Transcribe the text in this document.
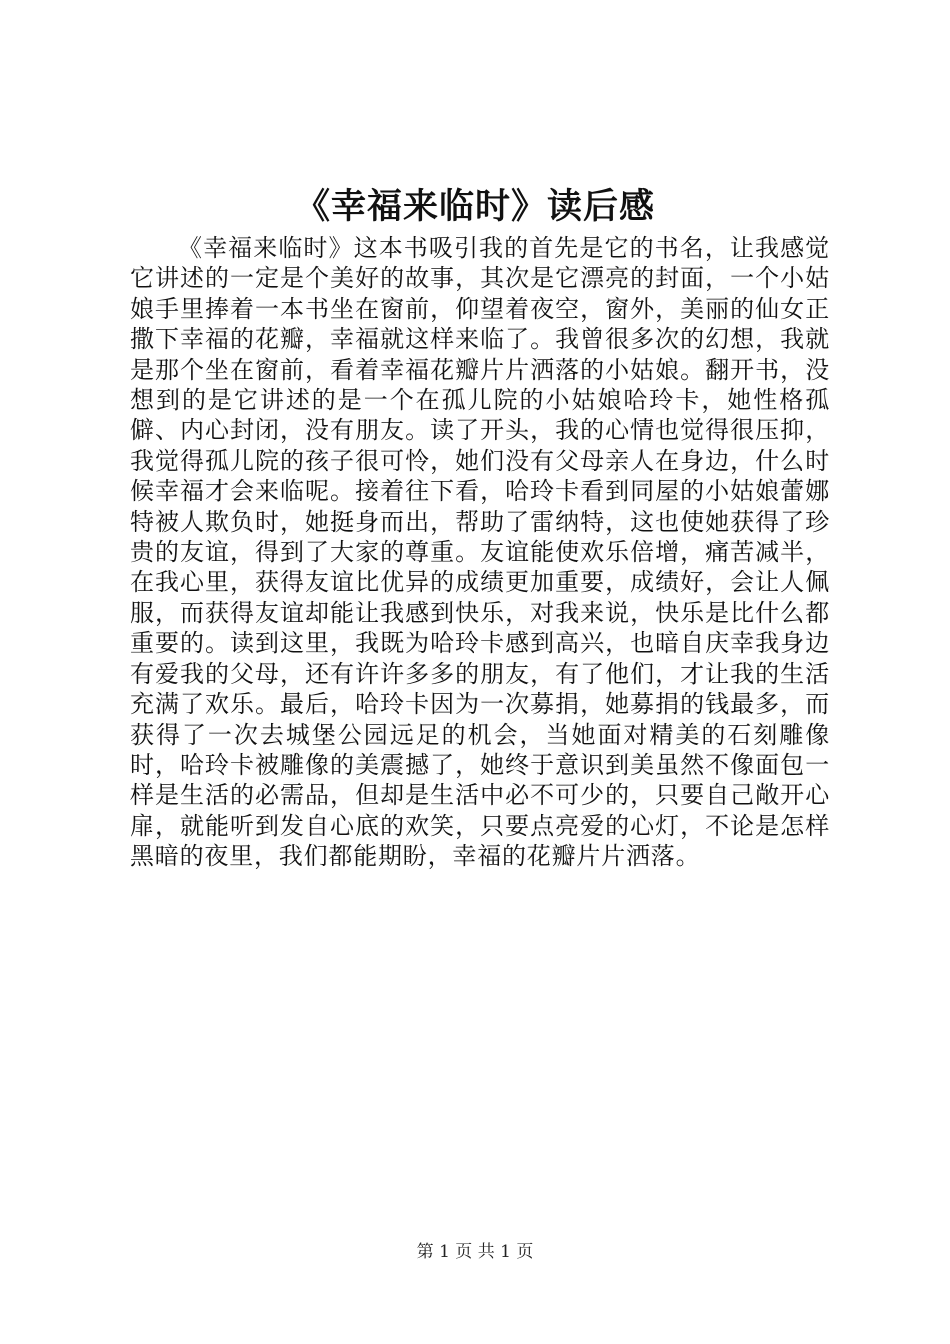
《幸福来临时》读后感

《幸福来临时》这本书吸引我的首先是它的书名，让我感觉它讲述的一定是个美好的故事，其次是它漂亮的封面，一个小姑娘手里捧着一本书坐在窗前，仰望着夜空，窗外，美丽的仙女正撒下幸福的花瓣，幸福就这样来临了。我曾很多次的幻想，我就是那个坐在窗前，看着幸福花瓣片片洒落的小姑娘。翻开书，没想到的是它讲述的是一个在孤儿院的小姑娘哈玲卡，她性格孤僻、内心封闭，没有朋友。读了开头，我的心情也觉得很压抑，我觉得孤儿院的孩子很可怜，她们没有父母亲人在身边，什么时候幸福才会来临呢。接着往下看，哈玲卡看到同屋的小姑娘蕾娜特被人欺负时，她挺身而出，帮助了雷纳特，这也使她获得了珍贵的友谊，得到了大家的尊重。友谊能使欢乐倍增，痛苦减半，在我心里，获得友谊比优异的成绩更加重要，成绩好，会让人佩服，而获得友谊却能让我感到快乐，对我来说，快乐是比什么都重要的。读到这里，我既为哈玲卡感到高兴，也暗自庆幸我身边有爱我的父母，还有许许多多的朋友，有了他们，才让我的生活充满了欢乐。最后，哈玲卡因为一次募捐，她募捐的钱最多，而获得了一次去城堡公园远足的机会，当她面对精美的石刻雕像时，哈玲卡被雕像的美震撼了，她终于意识到美虽然不像面包一样是生活的必需品，但却是生活中必不可少的，只要自己敞开心扉，就能听到发自心底的欢笑，只要点亮爱的心灯，不论是怎样黑暗的夜里，我们都能期盼，幸福的花瓣片片洒落。

第 1 页 共 1 页
